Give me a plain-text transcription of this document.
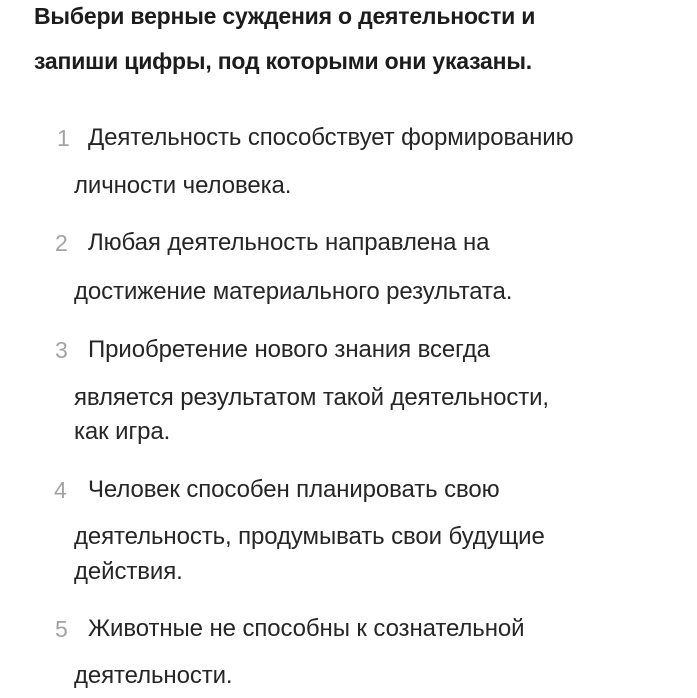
Выбери верные суждения о деятельности и
запиши цифры, под которыми они указаны.
1 Деятельность способствует формированию
личности человека.
2 Любая деятельность направлена на
достижение материального результата.
3 Приобретение нового знания всегда
является результатом такой деятельности,
как игра.
4 Человек способен планировать свою
деятельность, продумывать свои будущие
действия.
5 Животные не способны к сознательной
деятельности.
